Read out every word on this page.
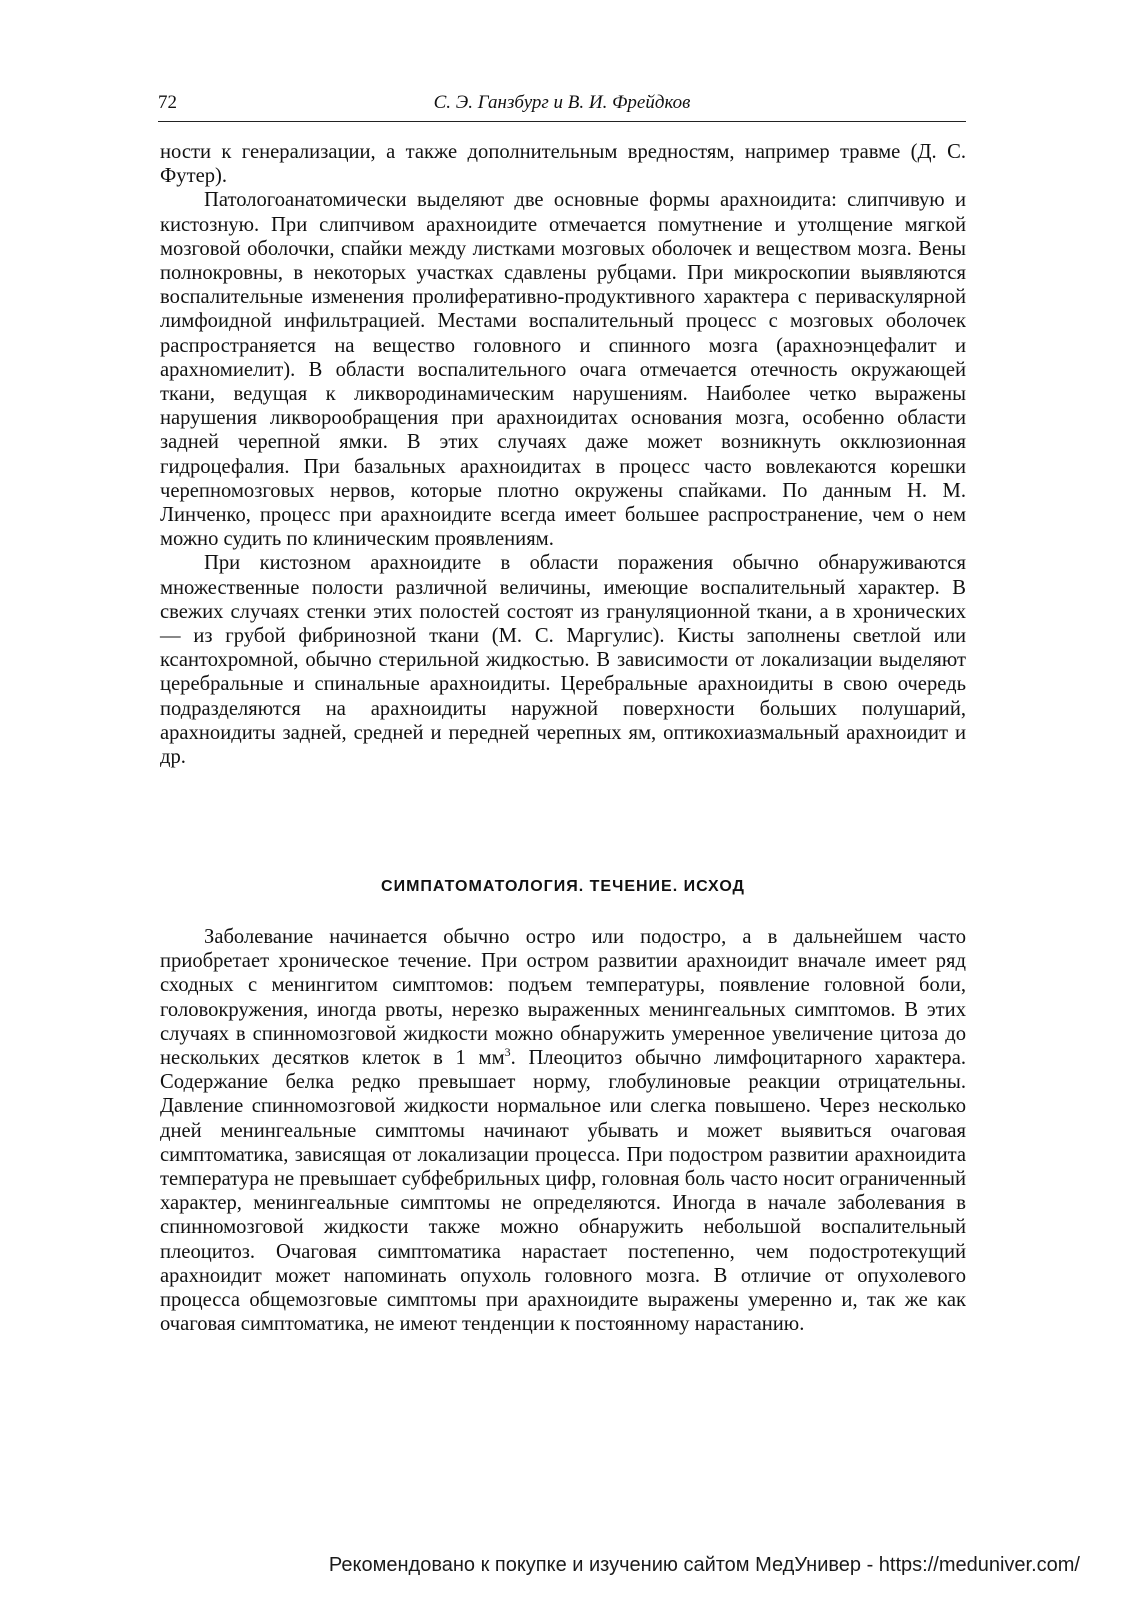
72	С. Э. Ганзбург и В. И. Фрейдков

ности к генерализации, а также дополнительным вредностям, например травме (Д. С. Футер).

Патологоанатомически выделяют две основные формы арахноидита: слипчивую и кистозную. При слипчивом арахноидите отмечается помутнение и утолщение мягкой мозговой оболочки, спайки между листками мозговых оболочек и веществом мозга. Вены полнокровны, в некоторых участках сдавлены рубцами. При микроскопии выявляются воспалительные изменения пролиферативно-продуктивного характера с периваскулярной лимфоидной инфильтрацией. Местами воспалительный процесс с мозговых оболочек распространяется на вещество головного и спинного мозга (арахноэнцефалит и арахномиелит). В области воспалительного очага отмечается отечность окружающей ткани, ведущая к ликвородинамическим нарушениям. Наиболее четко выражены нарушения ликворообращения при арахноидитах основания мозга, особенно области задней черепной ямки. В этих случаях даже может возникнуть окклюзионная гидроцефалия. При базальных арахноидитах в процесс часто вовлекаются корешки черепномозговых нервов, которые плотно окружены спайками. По данным Н. М. Линченко, процесс при арахноидите всегда имеет большее распространение, чем о нем можно судить по клиническим проявлениям.

При кистозном арахноидите в области поражения обычно обнаруживаются множественные полости различной величины, имеющие воспалительный характер. В свежих случаях стенки этих полостей состоят из грануляционной ткани, а в хронических — из грубой фибринозной ткани (М. С. Маргулис). Кисты заполнены светлой или ксантохромной, обычно стерильной жидкостью. В зависимости от локализации выделяют церебральные и спинальные арахноидиты. Церебральные арахноидиты в свою очередь подразделяются на арахноидиты наружной поверхности больших полушарий, арахноидиты задней, средней и передней черепных ям, оптикохиазмальный арахноидит и др.

СИМПАТОМАТОЛОГИЯ. ТЕЧЕНИЕ. ИСХОД

Заболевание начинается обычно остро или подостро, а в дальнейшем часто приобретает хроническое течение. При остром развитии арахноидит вначале имеет ряд сходных с менингитом симптомов: подъем температуры, появление головной боли, головокружения, иногда рвоты, нерезко выраженных менингеальных симптомов. В этих случаях в спинномозговой жидкости можно обнаружить умеренное увеличение цитоза до нескольких десятков клеток в 1 $мм^3$. Плеоцитоз обычно лимфоцитарного характера. Содержание белка редко превышает норму, глобулиновые реакции отрицательны. Давление спинномозговой жидкости нормальное или слегка повышено. Через несколько дней менингеальные симптомы начинают убывать и может выявиться очаговая симптоматика, зависящая от локализации процесса. При подостром развитии арахноидита температура не превышает субфебрильных цифр, головная боль часто носит ограниченный характер, менингеальные симптомы не определяются. Иногда в начале заболевания в спинномозговой жидкости также можно обнаружить небольшой воспалительный плеоцитоз. Очаговая симптоматика нарастает постепенно, чем подостротекущий арахноидит может напоминать опухоль головного мозга. В отличие от опухолевого процесса общемозговые симптомы при арахноидите выражены умеренно и, так же как очаговая симптоматика, не имеют тенденции к постоянному нарастанию.

Рекомендовано к покупке и изучению сайтом МедУнивер - https://meduniver.com/
